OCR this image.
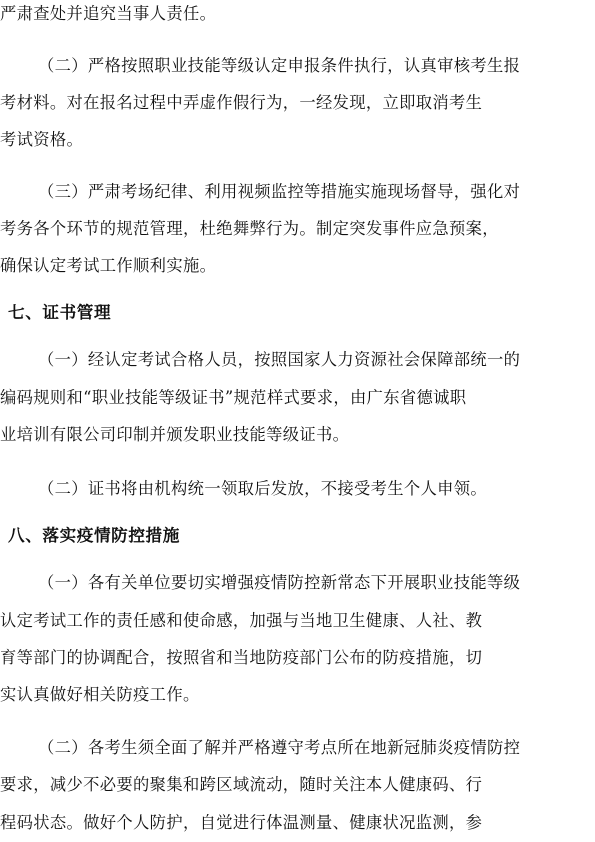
严肃查处并追究当事人责任。
（二）严格按照职业技能等级认定申报条件执行，认真审核考生报
考材料。对在报名过程中弄虚作假行为，一经发现，立即取消考生
考试资格。
（三）严肃考场纪律、利用视频监控等措施实施现场督导，强化对
考务各个环节的规范管理，杜绝舞弊行为。制定突发事件应急预案，
确保认定考试工作顺利实施。
七、证书管理
（一）经认定考试合格人员，按照国家人力资源社会保障部统一的
编码规则和“职业技能等级证书”规范样式要求，由广东省德诚职
业培训有限公司印制并颁发职业技能等级证书。
（二）证书将由机构统一领取后发放，不接受考生个人申领。
八、落实疫情防控措施
（一）各有关单位要切实增强疫情防控新常态下开展职业技能等级
认定考试工作的责任感和使命感，加强与当地卫生健康、人社、教
育等部门的协调配合，按照省和当地防疫部门公布的防疫措施，切
实认真做好相关防疫工作。
（二）各考生须全面了解并严格遵守考点所在地新冠肺炎疫情防控
要求，减少不必要的聚集和跨区域流动，随时关注本人健康码、行
程码状态。做好个人防护，自觉进行体温测量、健康状况监测，参
